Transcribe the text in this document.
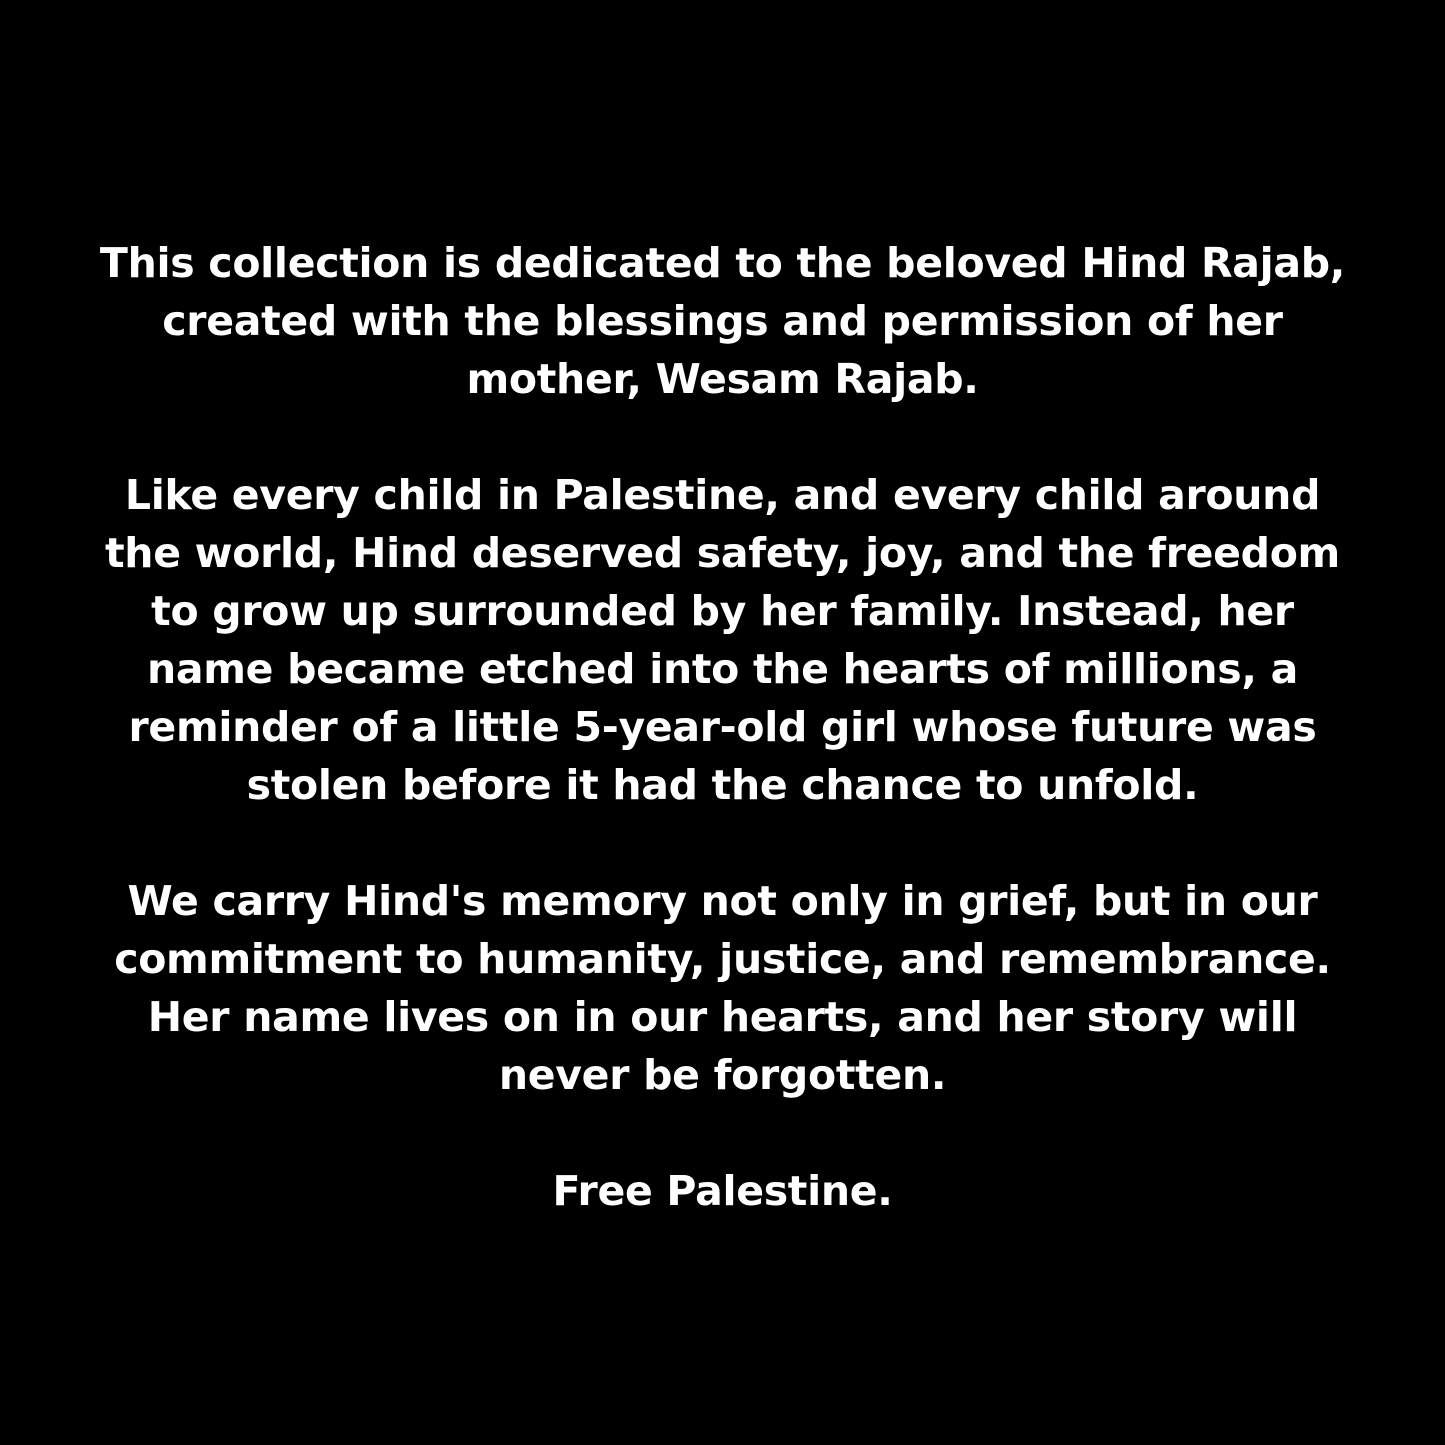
This collection is dedicated to the beloved Hind Rajab,
created with the blessings and permission of her
mother, Wesam Rajab.

Like every child in Palestine, and every child around
the world, Hind deserved safety, joy, and the freedom
to grow up surrounded by her family. Instead, her
name became etched into the hearts of millions, a
reminder of a little 5-year-old girl whose future was
stolen before it had the chance to unfold.

We carry Hind's memory not only in grief, but in our
commitment to humanity, justice, and remembrance.
Her name lives on in our hearts, and her story will
never be forgotten.

Free Palestine.
